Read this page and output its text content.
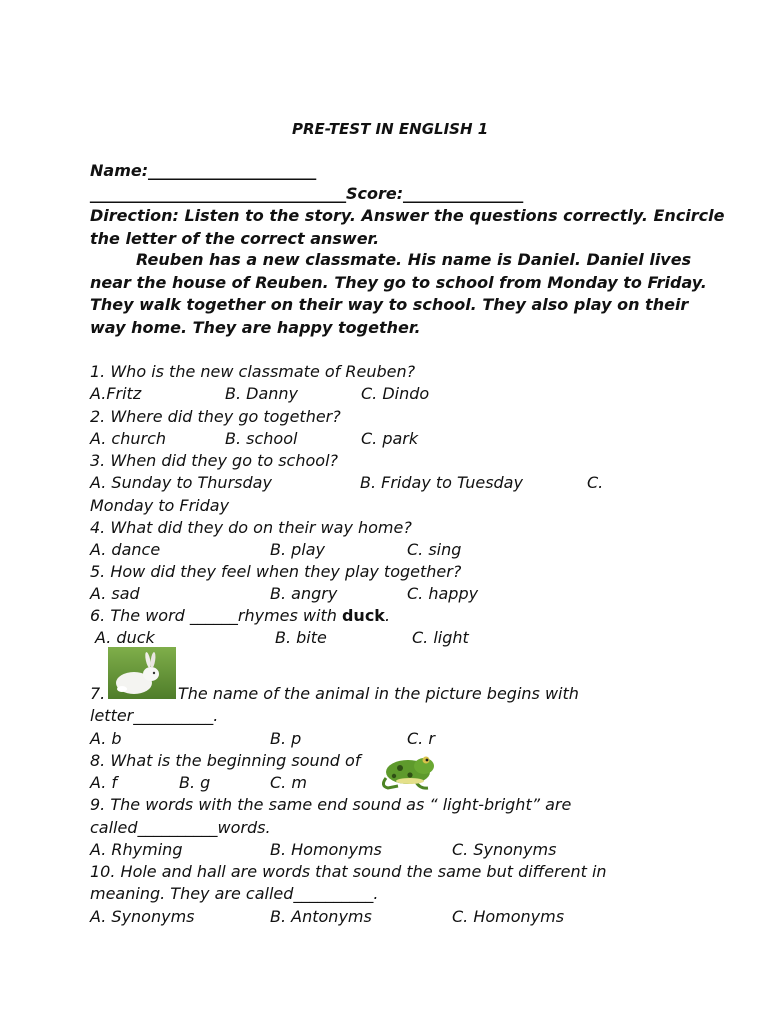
PRE-TEST IN ENGLISH 1
Name:_____________________
________________________________Score:_______________
Direction: Listen to the story. Answer the questions correctly. Encircle
the letter of the correct answer.
Reuben has a new classmate. His name is Daniel. Daniel lives
near the house of Reuben. They go to school from Monday to Friday.
They walk together on their way to school. They also play on their
way home. They are happy together.
1. Who is the new classmate of Reuben?
A.Fritz	B. Danny	C. Dindo
2. Where did they go together?
A. church	B. school	C. park
3. When did they go to school?
A. Sunday to Thursday	B. Friday to Tuesday	C.
Monday to Friday
4. What did they do on their way home?
A. dance	B. play	C. sing
5. How did they feel when they play together?
A. sad	B. angry	C. happy
6. The word ______rhymes with duck.
A. duck	B. bite	C. light
7.	The name of the animal in the picture begins with
letter__________.
A. b	B. p	C. r
8. What is the beginning sound of
A. f	B. g	C. m
9. The words with the same end sound as “ light-bright” are
called__________words.
A. Rhyming	B. Homonyms	C. Synonyms
10. Hole and hall are words that sound the same but different in
meaning. They are called__________.
A. Synonyms	B. Antonyms	C. Homonyms
